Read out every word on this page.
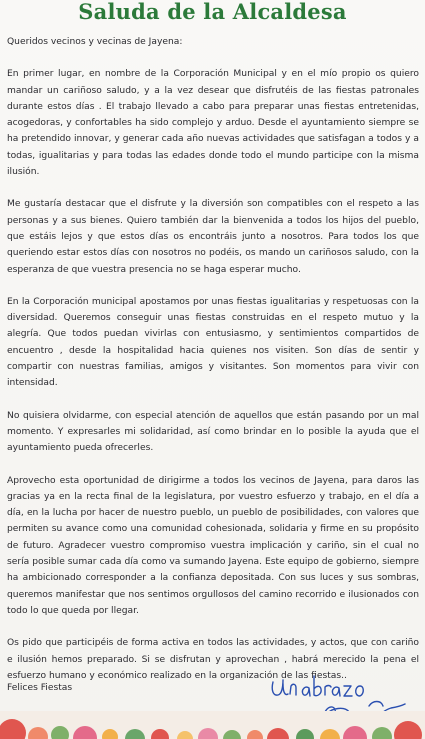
Saluda de la Alcaldesa

Queridos vecinos y vecinas de Jayena:

En primer lugar, en nombre de la Corporación Municipal y en el mío propio os quiero mandar un cariñoso saludo, y a la vez desear que disfrutéis de las fiestas patronales durante estos días . El trabajo llevado a cabo para preparar unas fiestas entretenidas, acogedoras, y confortables ha sido complejo y arduo. Desde el ayuntamiento siempre se ha pretendido innovar, y generar cada año nuevas actividades que satisfagan a todos y a todas, igualitarias y para todas las edades donde todo el mundo participe con la misma ilusión.

Me gustaría destacar que el disfrute y la diversión son compatibles con el respeto a las personas y a sus bienes. Quiero también dar la bienvenida a todos los hijos del pueblo, que estáis lejos y que estos días os encontráis junto a nosotros. Para todos los que queriendo estar estos días con nosotros no podéis, os mando un cariñosos saludo, con la esperanza de que vuestra presencia no se haga esperar mucho.

En la Corporación municipal apostamos por unas fiestas igualitarias y respetuosas con la diversidad. Queremos conseguir unas fiestas construidas en el respeto mutuo y la alegría. Que todos puedan vivirlas con entusiasmo, y sentimientos compartidos de encuentro , desde la hospitalidad hacia quienes nos visiten. Son días de sentir y compartir con nuestras familias, amigos y visitantes. Son momentos para vivir con intensidad.

No quisiera olvidarme, con especial atención de aquellos que están pasando por un mal momento. Y expresarles mi solidaridad, así como brindar en lo posible la ayuda que el ayuntamiento pueda ofrecerles.

Aprovecho esta oportunidad de dirigirme a todos los vecinos de Jayena, para daros las gracias ya en la recta final de la legislatura, por vuestro esfuerzo y trabajo, en el día a día, en la lucha por hacer de nuestro pueblo, un pueblo de posibilidades, con valores que permiten su avance como una comunidad cohesionada, solidaria y firme en su propósito de futuro. Agradecer vuestro compromiso vuestra implicación y cariño, sin el cual no sería posible sumar cada día como va sumando Jayena. Este equipo de gobierno, siempre ha ambicionado corresponder a la confianza depositada. Con sus luces y sus sombras, queremos manifestar que nos sentimos orgullosos del camino recorrido e ilusionados con todo lo que queda por llegar.

Os pido que participéis de forma activa en todos las actividades, y actos, que con cariño e ilusión hemos preparado. Si se disfrutan y aprovechan , habrá merecido la pena el esfuerzo humano y económico realizado en la organización de las fiestas..

Felices Fiestas
